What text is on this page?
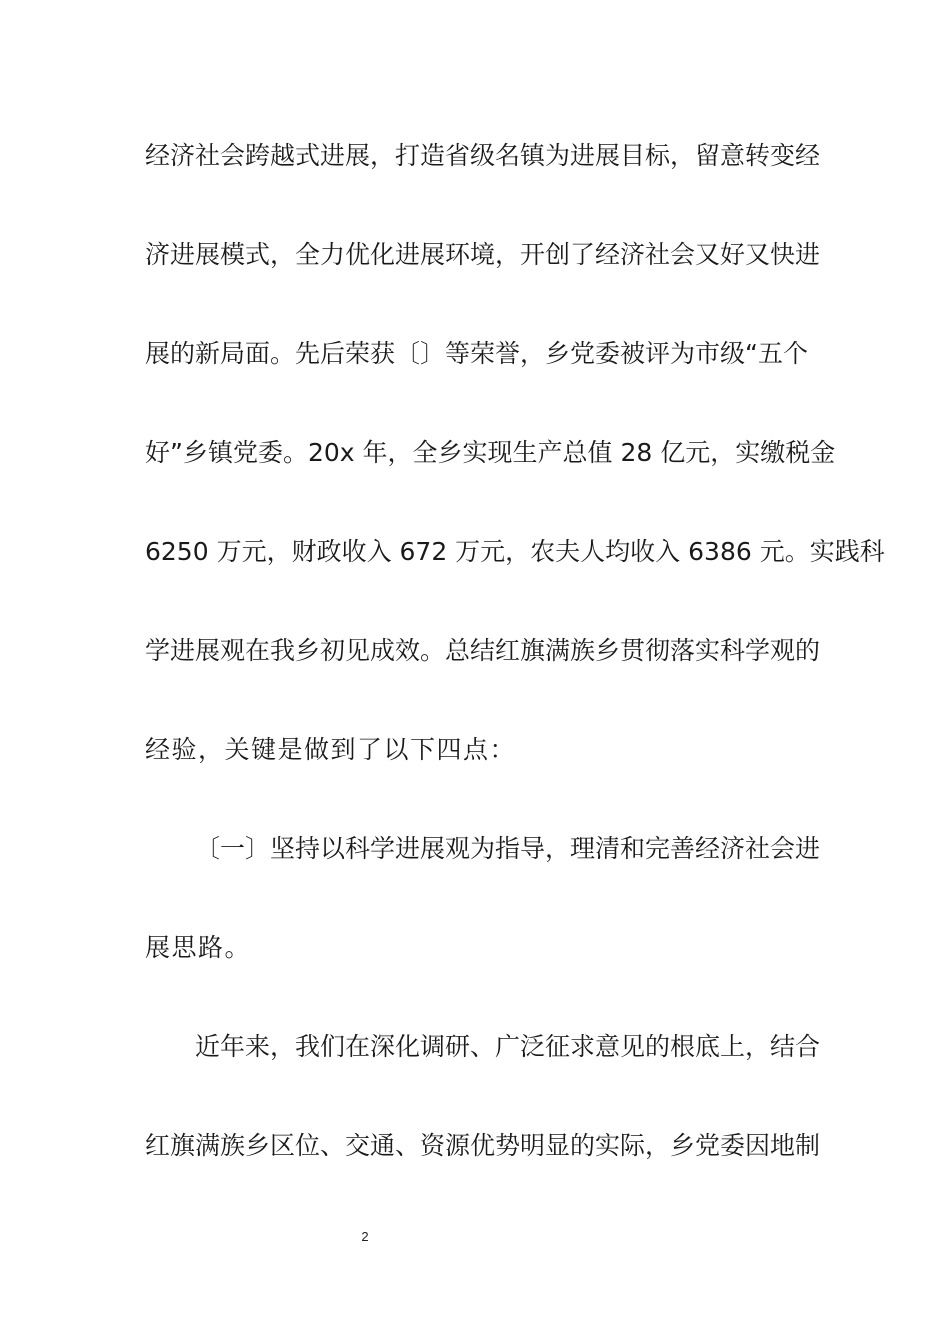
经济社会跨越式进展，打造省级名镇为进展目标，留意转变经
济进展模式，全力优化进展环境，开创了经济社会又好又快进
展的新局面。先后荣获〔〕等荣誉，乡党委被评为市级“五个
好”乡镇党委。20x 年，全乡实现生产总值 28 亿元，实缴税金
6250 万元，财政收入 672 万元，农夫人均收入 6386 元。实践科
学进展观在我乡初见成效。总结红旗满族乡贯彻落实科学观的
经验，关键是做到了以下四点：
〔一〕坚持以科学进展观为指导，理清和完善经济社会进
展思路。
近年来，我们在深化调研、广泛征求意见的根底上，结合
红旗满族乡区位、交通、资源优势明显的实际，乡党委因地制
2
